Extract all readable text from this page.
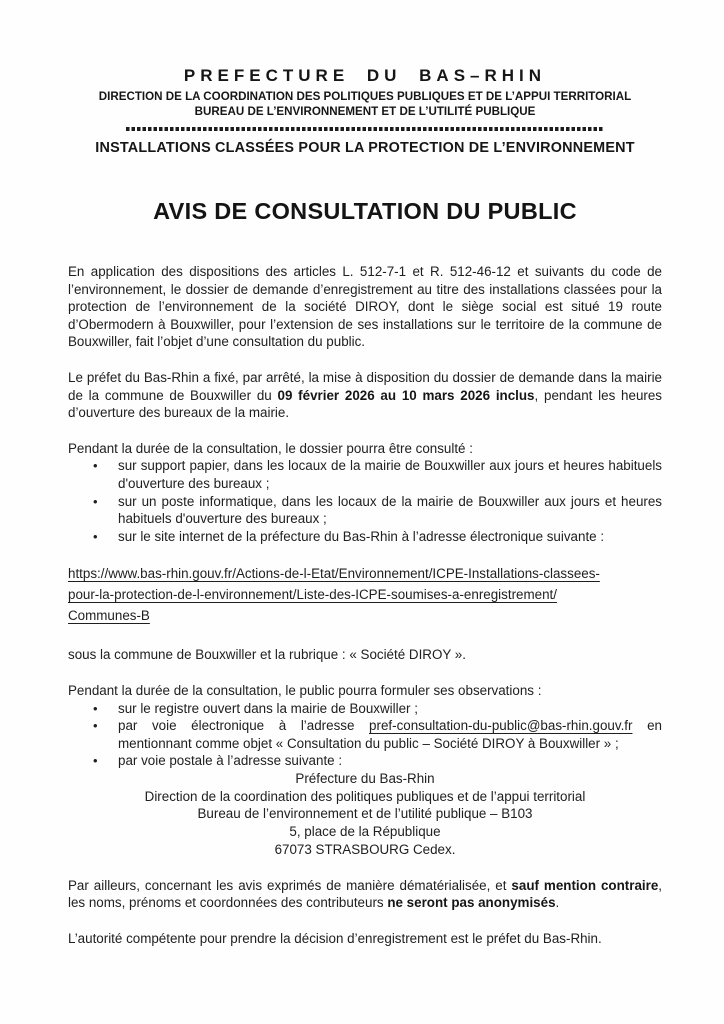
PREFECTURE DU BAS–RHIN
DIRECTION DE LA COORDINATION DES POLITIQUES PUBLIQUES ET DE L’APPUI TERRITORIAL
BUREAU DE L’ENVIRONNEMENT ET DE L’UTILITÉ PUBLIQUE
INSTALLATIONS CLASSÉES POUR LA PROTECTION DE L’ENVIRONNEMENT
AVIS DE CONSULTATION DU PUBLIC

En application des dispositions des articles L. 512-7-1 et R. 512-46-12 et suivants du code de l’environnement, le dossier de demande d’enregistrement au titre des installations classées pour la protection de l’environnement de la société DIROY, dont le siège social est situé 19 route d’Obermodern à Bouxwiller, pour l’extension de ses installations sur le territoire de la commune de Bouxwiller, fait l’objet d’une consultation du public.

Le préfet du Bas-Rhin a fixé, par arrêté, la mise à disposition du dossier de demande dans la mairie de la commune de Bouxwiller du 09 février 2026 au 10 mars 2026 inclus, pendant les heures d’ouverture des bureaux de la mairie.

Pendant la durée de la consultation, le dossier pourra être consulté :

• sur support papier, dans les locaux de la mairie de Bouxwiller aux jours et heures habituels d'ouverture des bureaux ;
• sur un poste informatique, dans les locaux de la mairie de Bouxwiller aux jours et heures habituels d'ouverture des bureaux ;
• sur le site internet de la préfecture du Bas-Rhin à l’adresse électronique suivante :
https://www.bas-rhin.gouv.fr/Actions-de-l-Etat/Environnement/ICPE-Installations-classees-
pour-la-protection-de-l-environnement/Liste-des-ICPE-soumises-a-enregistrement/
Communes-B

sous la commune de Bouxwiller et la rubrique : « Société DIROY ».

Pendant la durée de la consultation, le public pourra formuler ses observations :

• sur le registre ouvert dans la mairie de Bouxwiller ;
• par voie électronique à l’adresse pref-consultation-du-public@bas-rhin.gouv.fr en mentionnant comme objet « Consultation du public – Société DIROY à Bouxwiller » ;
• par voie postale à l’adresse suivante :
Préfecture du Bas-Rhin
Direction de la coordination des politiques publiques et de l’appui territorial
Bureau de l’environnement et de l’utilité publique – B103
5, place de la République
67073 STRASBOURG Cedex.

Par ailleurs, concernant les avis exprimés de manière dématérialisée, et sauf mention contraire, les noms, prénoms et coordonnées des contributeurs ne seront pas anonymisés.

L’autorité compétente pour prendre la décision d’enregistrement est le préfet du Bas-Rhin.
